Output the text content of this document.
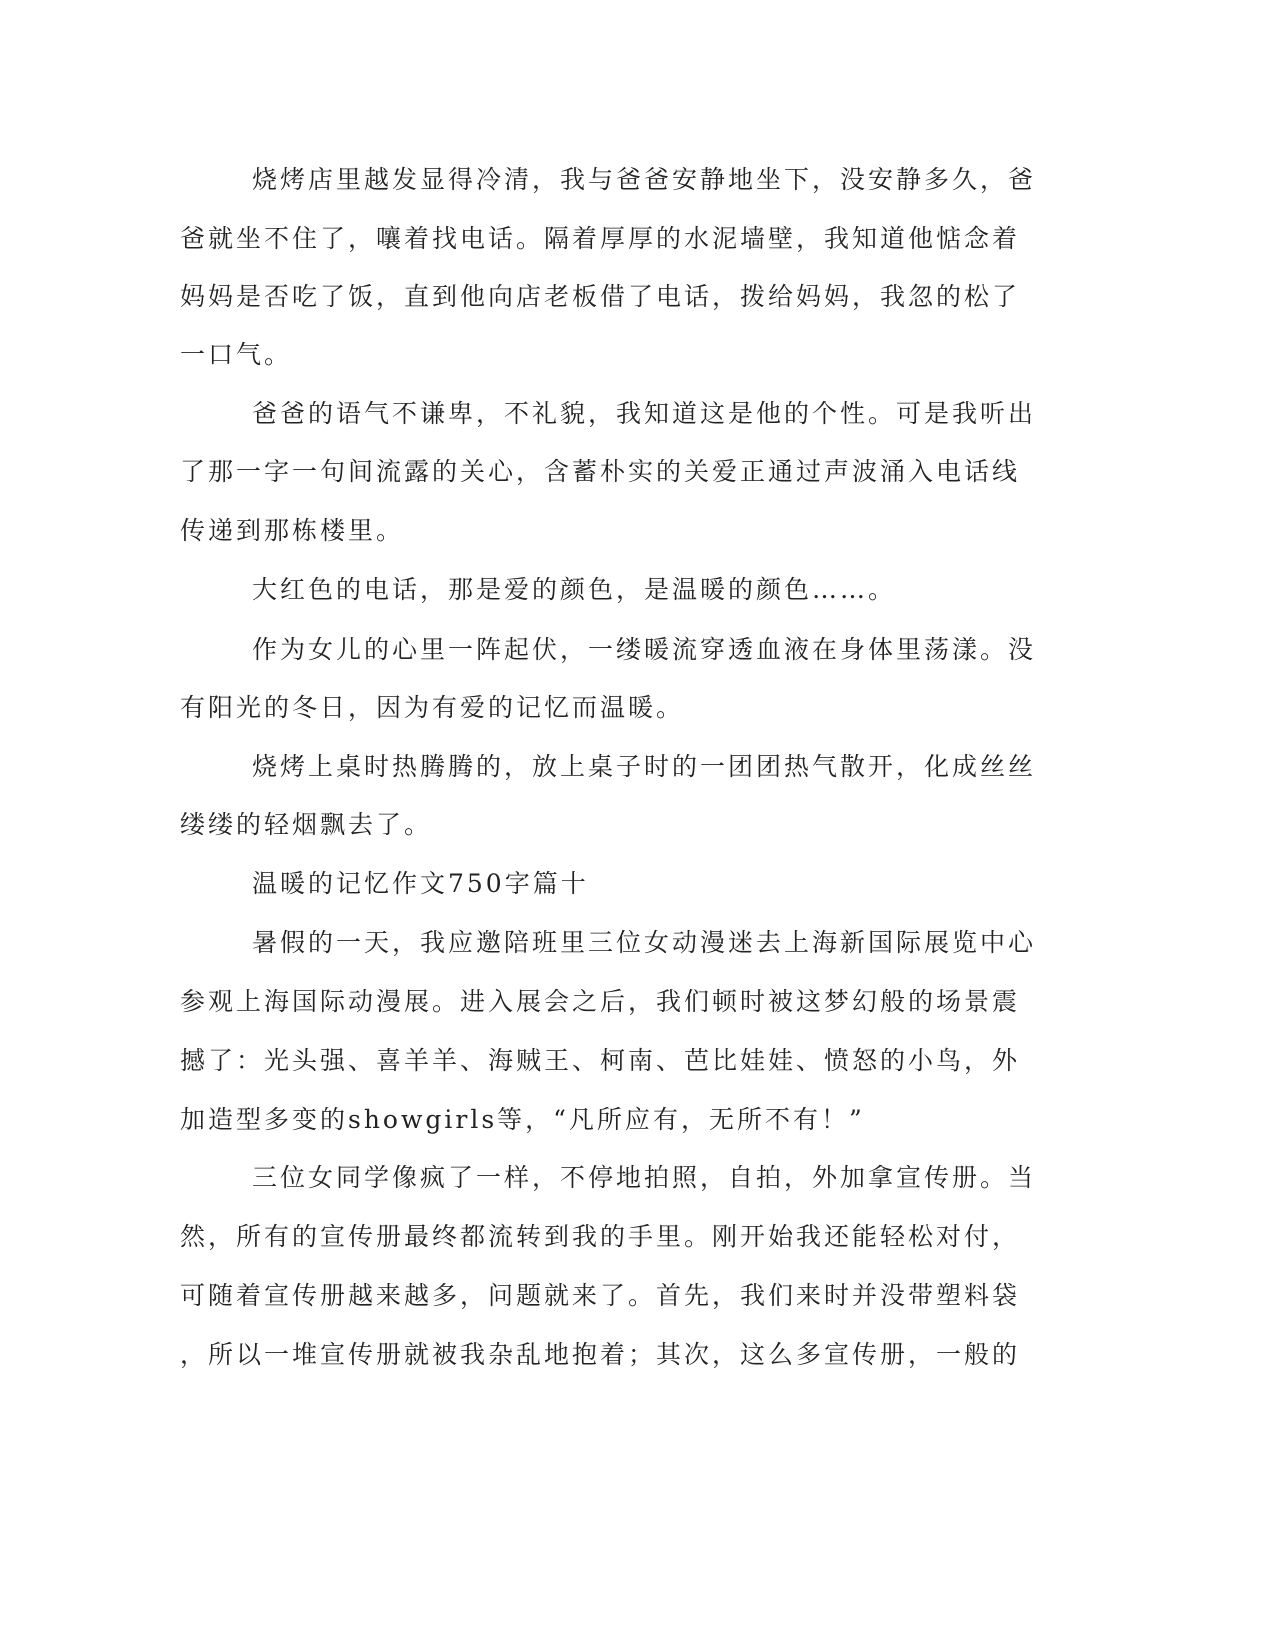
烧烤店里越发显得冷清，我与爸爸安静地坐下，没安静多久，爸
爸就坐不住了，嚷着找电话。隔着厚厚的水泥墙壁，我知道他惦念着
妈妈是否吃了饭，直到他向店老板借了电话，拨给妈妈，我忽的松了
一口气。
爸爸的语气不谦卑，不礼貌，我知道这是他的个性。可是我听出
了那一字一句间流露的关心，含蓄朴实的关爱正通过声波涌入电话线
传递到那栋楼里。
大红色的电话，那是爱的颜色，是温暖的颜色……。
作为女儿的心里一阵起伏，一缕暖流穿透血液在身体里荡漾。没
有阳光的冬日，因为有爱的记忆而温暖。
烧烤上桌时热腾腾的，放上桌子时的一团团热气散开，化成丝丝
缕缕的轻烟飘去了。
温暖的记忆作文750字篇十
暑假的一天，我应邀陪班里三位女动漫迷去上海新国际展览中心
参观上海国际动漫展。进入展会之后，我们顿时被这梦幻般的场景震
撼了：光头强、喜羊羊、海贼王、柯南、芭比娃娃、愤怒的小鸟，外
加造型多变的showgirls等，“凡所应有，无所不有！”
三位女同学像疯了一样，不停地拍照，自拍，外加拿宣传册。当
然，所有的宣传册最终都流转到我的手里。刚开始我还能轻松对付，
可随着宣传册越来越多，问题就来了。首先，我们来时并没带塑料袋
，所以一堆宣传册就被我杂乱地抱着；其次，这么多宣传册，一般的
